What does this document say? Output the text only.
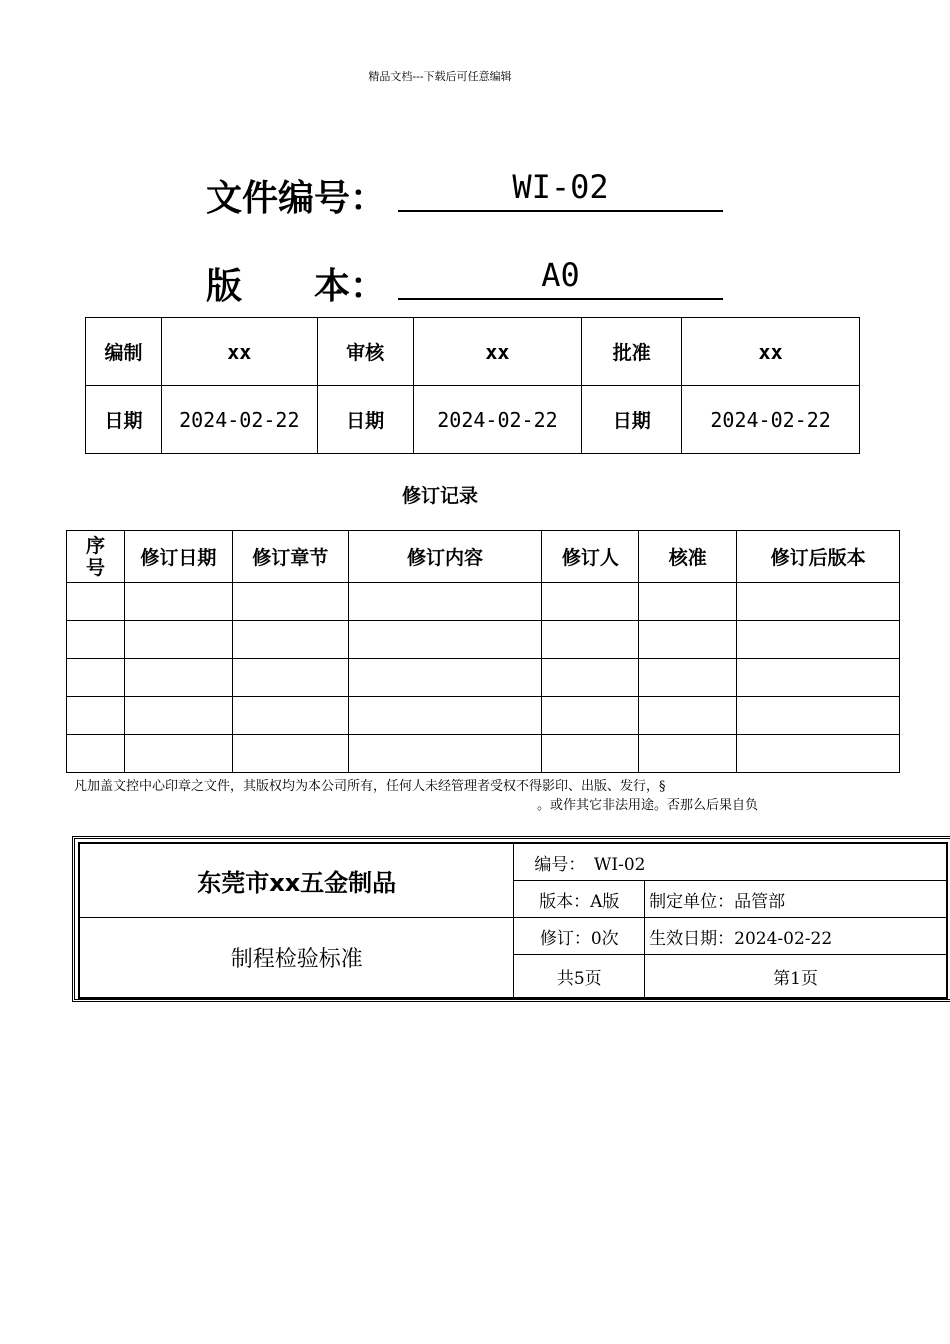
精品文档---下载后可任意编辑
文件编号：	WI-02
版　　本：	A0
编制	xx	审核	xx	批准	xx
日期	2024-02-22	日期	2024-02-22	日期	2024-02-22
修订记录
序
号	修订日期	修订章节	修订内容	修订人	核准	修订后版本

凡加盖文控中心印章之文件，其版权均为本公司所有，任何人未经管理者受权不得影印、出版、发行，§
。或作其它非法用途。否那么后果自负
东莞市xx五金制品	编号：　WI-02	
	版本：A版	制定单位：品管部
制程检验标准	修订：0次	生效日期：2024-02-22
	共5页	第1页
